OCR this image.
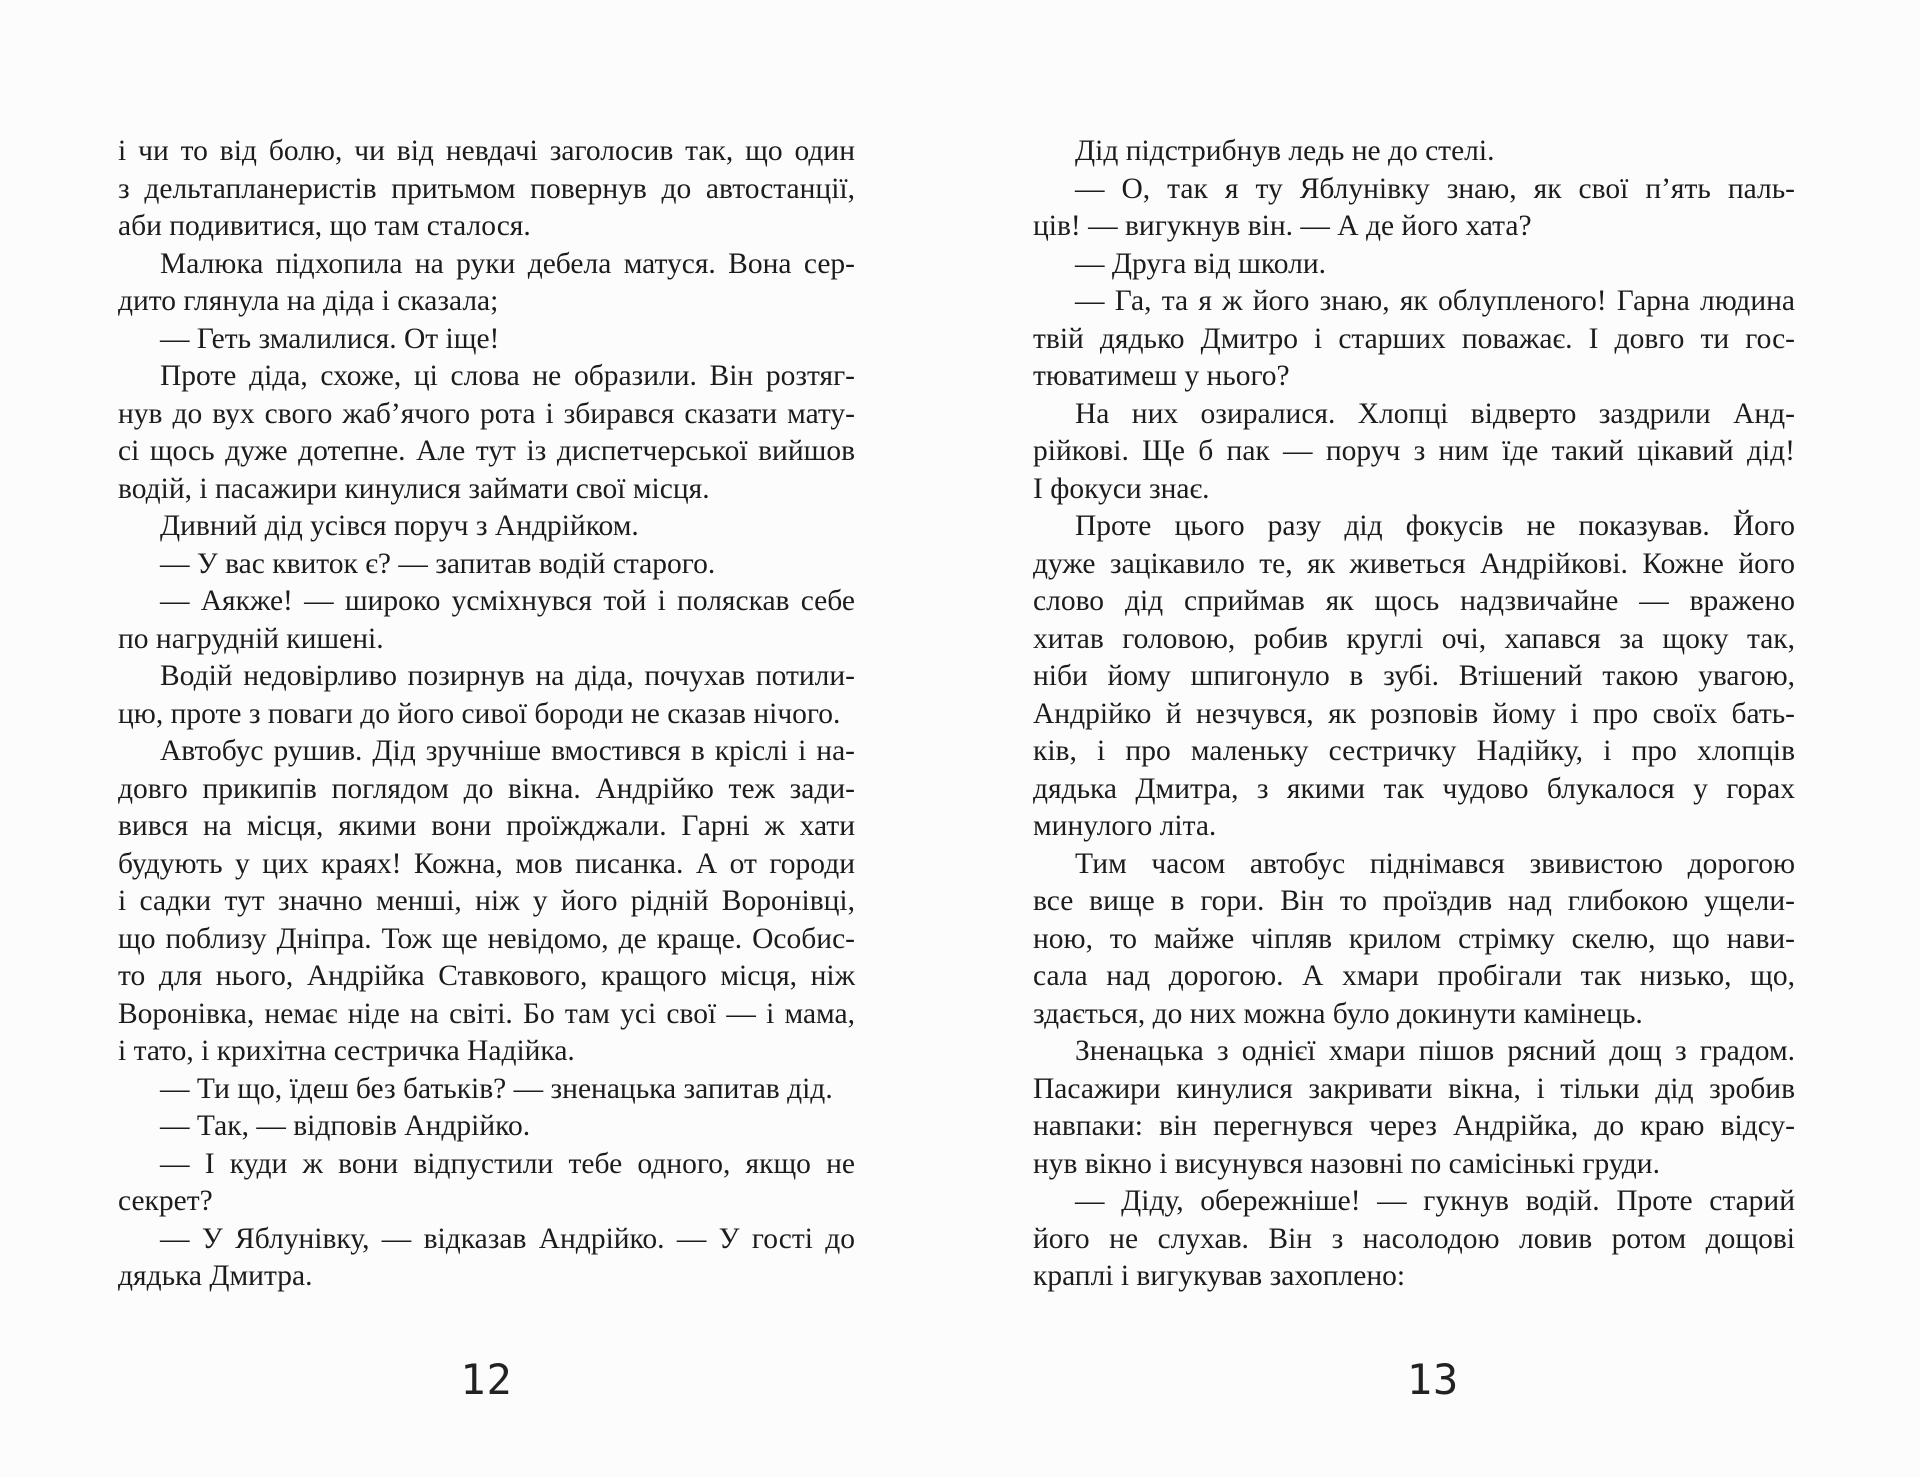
і чи то від болю, чи від невдачі заголосив так, що один
з дельтапланеристів притьмом повернув до автостанції,
аби подивитися, що там сталося.
Малюка підхопила на руки дебела матуся. Вона сер-
дито глянула на діда і сказала;
— Геть змалилися. От іще!
Проте діда, схоже, ці слова не образили. Він розтяг-
нув до вух свого жаб’ячого рота і збирався сказати мату-
сі щось дуже дотепне. Але тут із диспетчерської вийшов
водій, і пасажири кинулися займати свої місця.
Дивний дід усівся поруч з Андрійком.
— У вас квиток є? — запитав водій старого.
— Аякже! — широко усміхнувся той і поляскав себе
по нагрудній кишені.
Водій недовірливо позирнув на діда, почухав потили-
цю, проте з поваги до його сивої бороди не сказав нічого.
Автобус рушив. Дід зручніше вмостився в кріслі і на-
довго прикипів поглядом до вікна. Андрійко теж зади-
вився на місця, якими вони проїжджали. Гарні ж хати
будують у цих краях! Кожна, мов писанка. А от городи
і садки тут значно менші, ніж у його рідній Воронівці,
що поблизу Дніпра. Тож ще невідомо, де краще. Особис-
то для нього, Андрійка Ставкового, кращого місця, ніж
Воронівка, немає ніде на світі. Бо там усі свої — і мама,
і тато, і крихітна сестричка Надійка.
— Ти що, їдеш без батьків? — зненацька запитав дід.
— Так, — відповів Андрійко.
— І куди ж вони відпустили тебе одного, якщо не
секрет?
— У Яблунівку, — відказав Андрійко. — У гості до
дядька Дмитра.
12
Дід підстрибнув ледь не до стелі.
— О, так я ту Яблунівку знаю, як свої п’ять паль-
ців! — вигукнув він. — А де його хата?
— Друга від школи.
— Га, та я ж його знаю, як облупленого! Гарна людина
твій дядько Дмитро і старших поважає. І довго ти гос-
тюватимеш у нього?
На них озиралися. Хлопці відверто заздрили Анд-
рійкові. Ще б пак — поруч з ним їде такий цікавий дід!
І фокуси знає.
Проте цього разу дід фокусів не показував. Його
дуже зацікавило те, як живеться Андрійкові. Кожне його
слово дід сприймав як щось надзвичайне — вражено
хитав головою, робив круглі очі, хапався за щоку так,
ніби йому шпигонуло в зубі. Втішений такою увагою,
Андрійко й незчувся, як розповів йому і про своїх бать-
ків, і про маленьку сестричку Надійку, і про хлопців
дядька Дмитра, з якими так чудово блукалося у горах
минулого літа.
Тим часом автобус піднімався звивистою дорогою
все вище в гори. Він то проїздив над глибокою ущели-
ною, то майже чіпляв крилом стрімку скелю, що нави-
сала над дорогою. А хмари пробігали так низько, що,
здається, до них можна було докинути камінець.
Зненацька з однієї хмари пішов рясний дощ з градом.
Пасажири кинулися закривати вікна, і тільки дід зробив
навпаки: він перегнувся через Андрійка, до краю відсу-
нув вікно і висунувся назовні по самісінькі груди.
— Діду, обережніше! — гукнув водій. Проте старий
його не слухав. Він з насолодою ловив ротом дощові
краплі і вигукував захоплено:
13
